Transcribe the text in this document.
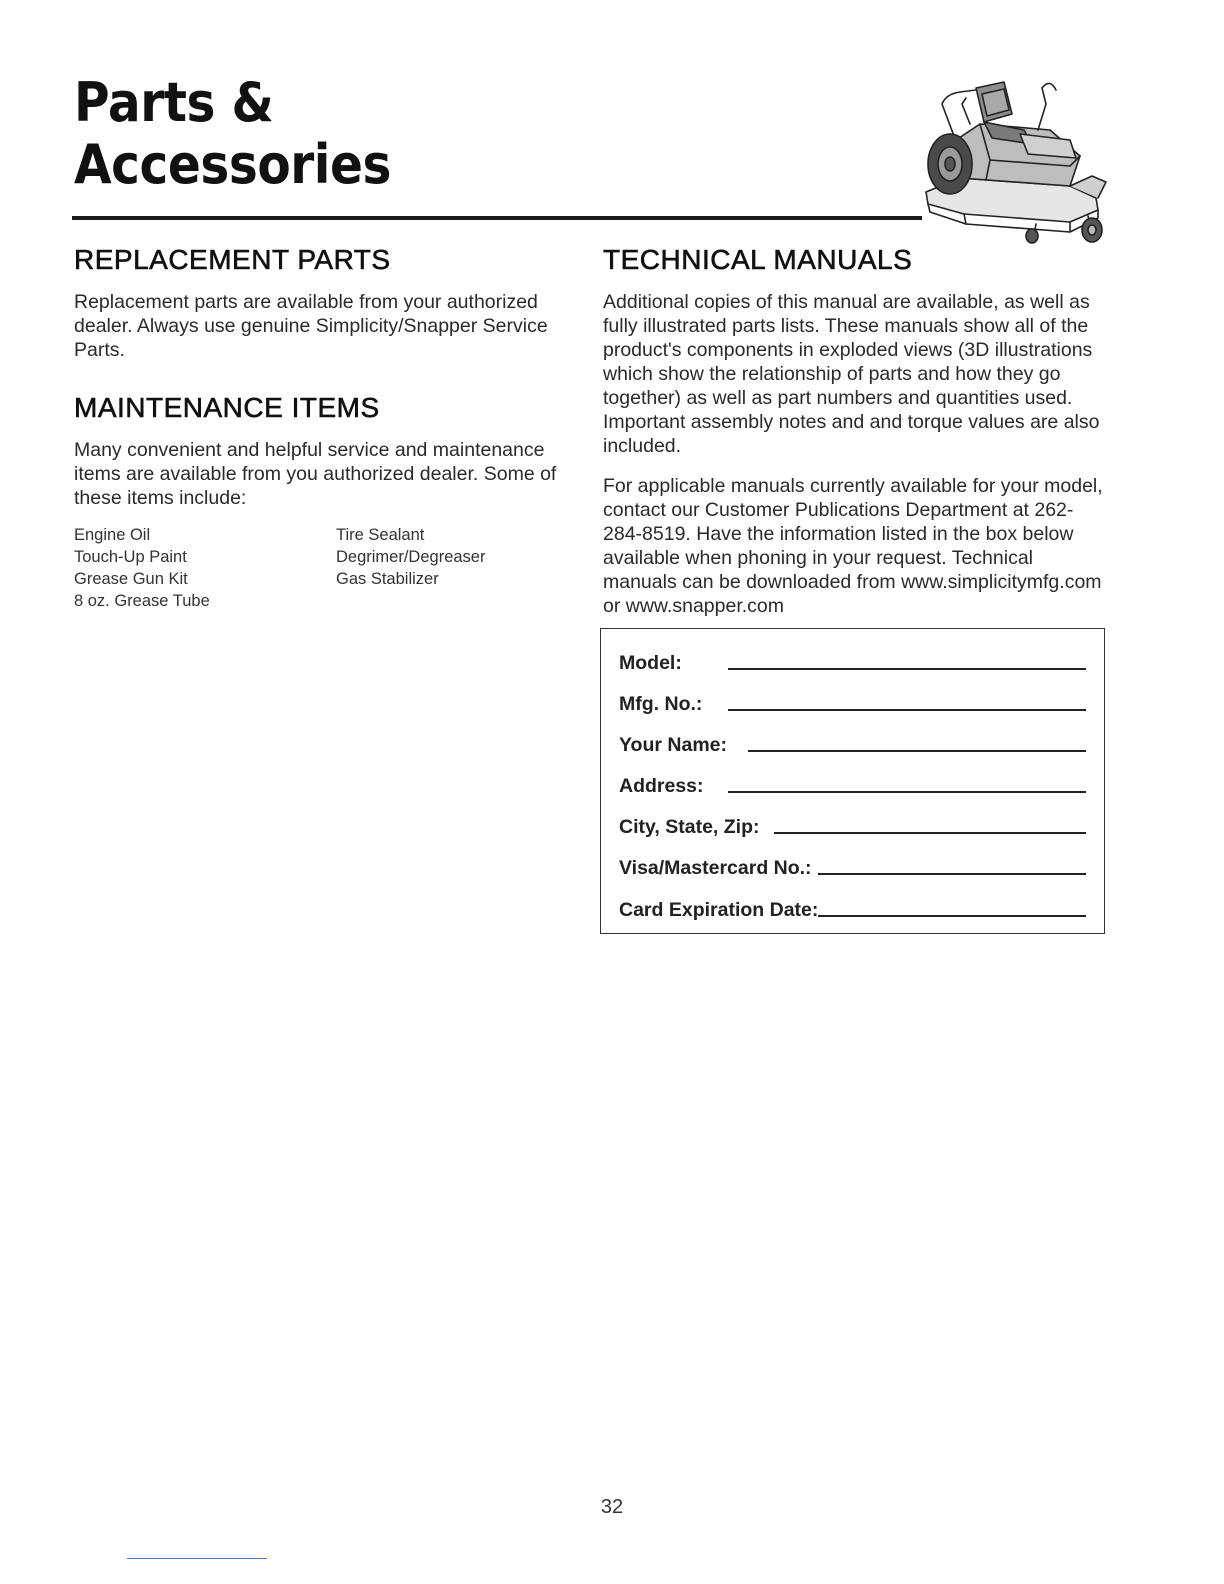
Parts &
Accessories
REPLACEMENT PARTS

Replacement parts are available from your authorized dealer. Always use genuine Simplicity/Snapper Service Parts.

MAINTENANCE ITEMS

Many convenient and helpful service and maintenance items are available from you authorized dealer. Some of these items include:

Engine Oil
Touch-Up Paint
Grease Gun Kit
8 oz. Grease Tube
Tire Sealant
Degrimer/Degreaser
Gas Stabilizer
TECHNICAL MANUALS

Additional copies of this manual are available, as well as fully illustrated parts lists. These manuals show all of the product's components in exploded views (3D illustrations which show the relationship of parts and how they go together) as well as part numbers and quantities used. Important assembly notes and and torque values are also included.

For applicable manuals currently available for your model, contact our Customer Publications Department at 262-284-8519. Have the information listed in the box below available when phoning in your request. Technical manuals can be downloaded from www.simplicitymfg.com or www.snapper.com

Model:
Mfg. No.:
Your Name:
Address:
City, State, Zip:
Visa/Mastercard No.:
Card Expiration Date:
32
